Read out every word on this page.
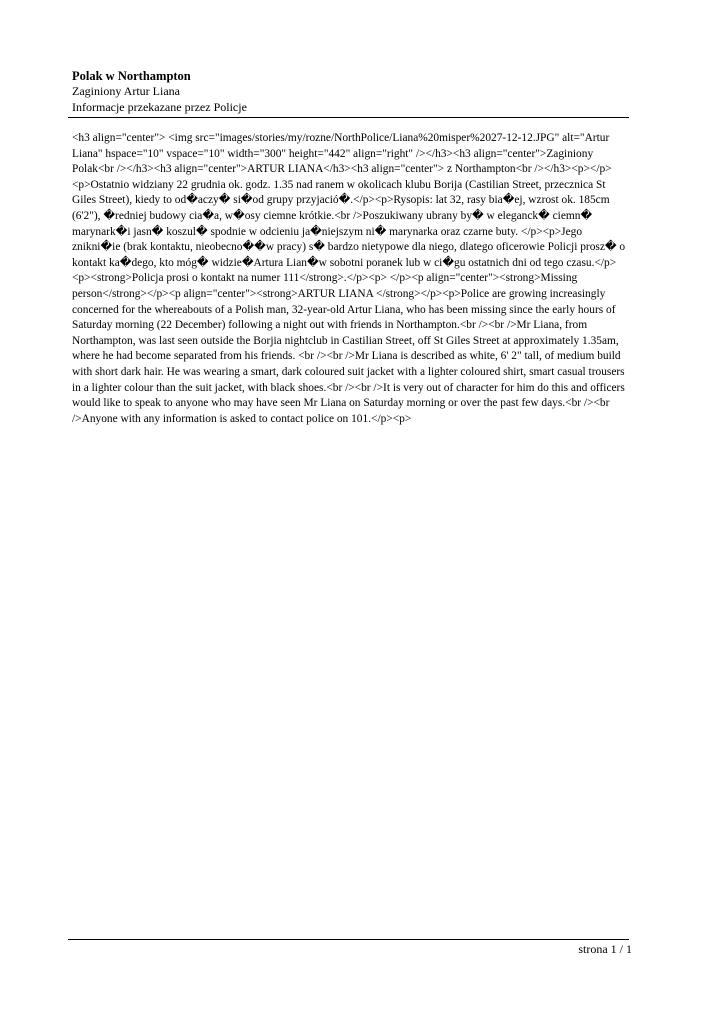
Polak w Northampton

Zaginiony Artur Liana

Informacje przekazane przez Policje

<h3 align="center"> <img src="images/stories/my/rozne/NorthPolice/Liana%20misper%2027-12-12.JPG" alt="Artur Liana" hspace="10" vspace="10" width="300" height="442" align="right" /></h3><h3 align="center">Zaginiony Polak<br /></h3><h3 align="center">ARTUR LIANA</h3><h3 align="center"> z Northampton<br /></h3><p></p><p>Ostatnio widziany 22 grudnia ok. godz. 1.35 nad ranem w okolicach klubu Borija (Castilian Street, przecznica St Giles Street), kiedy to od�aczy� si�od grupy przyjació�.</p><p>Rysopis: lat 32, rasy bia�ej, wzrost ok. 185cm (6'2"), �redniej budowy cia�a, w�osy ciemne krótkie.<br />Poszukiwany ubrany by� w eleganck� ciemn� marynark�i jasn� koszul� spodnie w odcieniu ja�niejszym ni� marynarka oraz czarne buty. </p><p>Jego znikni�ie (brak kontaktu, nieobecno��w pracy) s� bardzo nietypowe dla niego, dlatego oficerowie Policji prosz� o kontakt ka�dego, kto móg� widzie�Artura Lian�w sobotni poranek lub w ci�gu ostatnich dni od tego czasu.</p><p><strong>Policja prosi o kontakt na numer 111</strong>.</p><p> </p><p align="center"><strong>Missing person</strong></p><p align="center"><strong>ARTUR LIANA </strong></p><p>Police are growing increasingly concerned for the whereabouts of a Polish man, 32-year-old Artur Liana, who has been missing since the early hours of Saturday morning (22 December) following a night out with friends in Northampton.<br /><br />Mr Liana, from Northampton, was last seen outside the Borjia nightclub in Castilian Street, off St Giles Street at approximately 1.35am, where he had become separated from his friends. <br /><br />Mr Liana is described as white, 6' 2" tall, of medium build with short dark hair. He was wearing a smart, dark coloured suit jacket with a lighter coloured shirt, smart casual trousers in a lighter colour than the suit jacket, with black shoes.<br /><br />It is very out of character for him do this and officers would like to speak to anyone who may have seen Mr Liana on Saturday morning or over the past few days.<br /><br />Anyone with any information is asked to contact police on 101.</p><p>

strona 1 / 1
